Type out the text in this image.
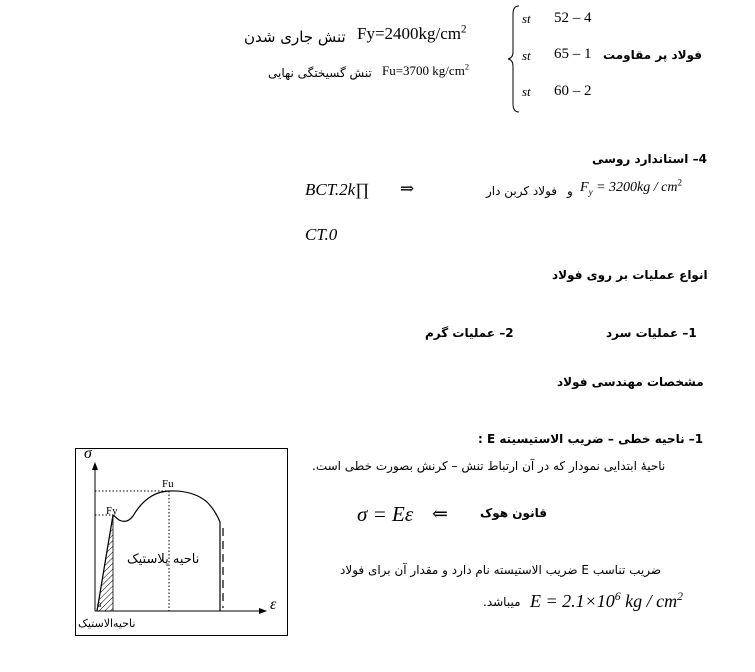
$Fy=2400kg/cm^2$
تنش جاری شدن
Fu=3700 $kg/cm^2$
تنش گسیختگی نهایی
st 52 – 4
st 65 – 1
st 60 – 2
فولاد پر مقاومت
4– استاندارد روسی
BCT.2k∏ ⇒	فولاد کربن دار و $F_y = 3200kg / cm^2$
CT.0
انواع عملیات بر روی فولاد
1– عملیات سرد
2– عملیات گرم
مشخصات مهندسی فولاد
1– ناحیه خطی – ضریب الاستیسیته E :
ناحیهٔ ابتدایی نمودار که در آن ارتباط تنش – کرنش بصورت خطی است.
σ = Eε ⇐	قانون هوک
ضریب تناسب E ضریب الاستیسته نام دارد و مقدار آن برای فولاد
$E = 2.1\times 10^6$ kg / $cm^2$
میباشد.
σ
ε
Fu
Fy
ناحیه پلاستیک
α
ناحیه‌الاستیک
